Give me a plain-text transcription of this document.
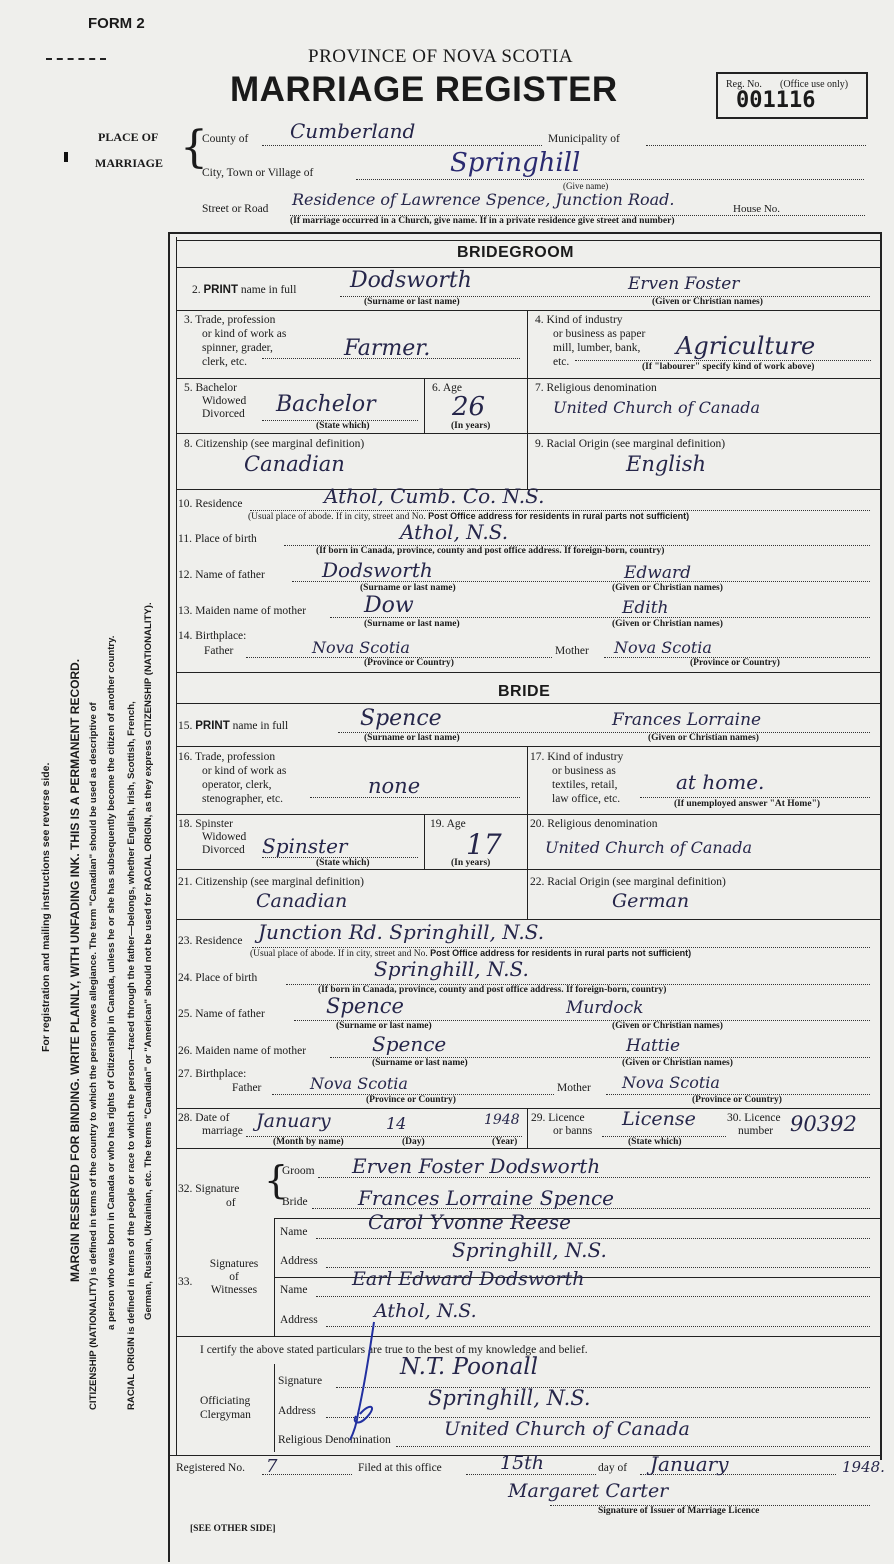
FORM 2
PROVINCE OF NOVA SCOTIA
MARRIAGE REGISTER	Reg. No. (Office use only)
001116
PLACE OF
MARRIAGE {
County of Cumberland	Municipality of
City, Town or Village of	Springhill
(Give name)
Street or Road Residence of Lawrence Spence, Junction Road.	House No.
(If marriage occurred in a Church, give name. If in a private residence give street and number)
For registration and mailing instructions see reverse side. MARGIN RESERVED FOR BINDING. WRITE PLAINLY, WITH UNFADING INK. THIS IS A PERMANENT RECORD. CITIZENSHIP (NATIONALITY) is defined in terms of the country to which the person owes allegiance. The term "Canadian" should be used as descriptive of a person who was born in Canada or who has rights of Citizenship in Canada, unless he or she has subsequently become the citizen of another country. RACIAL ORIGIN is defined in terms of the people or race to which the person—traced through the father—belongs, whether English, Irish, Scottish, French, German, Russian, Ukrainian, etc. The terms "Canadian" or "American" should not be used for RACIAL ORIGIN, as they express CITIZENSHIP (NATIONALITY).
BRIDEGROOM
2. PRINT name in full Dodsworth	Erven Foster
(Surname or last name)	(Given or Christian names)
3. Trade, profession
or kind of work as
spinner, grader,
clerk, etc.
Farmer.
4. Kind of industry
or business as paper
mill, lumber, bank,
etc.
Agriculture
(If "labourer" specify kind of work above)
5. Bachelor
Widowed
Divorced Bachelor
(State which)
6. Age
26
(In years)
7. Religious denomination
United Church of Canada
8. Citizenship (see marginal definition)
Canadian
9. Racial Origin (see marginal definition)
English
10. Residence	Athol, Cumb. Co. N.S.
(Usual place of abode. If in city, street and No. Post Office address for residents in rural parts not sufficient)
11. Place of birth	Athol, N.S.
(If born in Canada, province, county and post office address. If foreign-born, country)
12. Name of father	Dodsworth	Edward
(Surname or last name)	(Given or Christian names)
13. Maiden name of mother	Dow	Edith
(Surname or last name)	(Given or Christian names)
14. Birthplace:
Father	Nova Scotia	Mother Nova Scotia
(Province or Country)	(Province or Country)
BRIDE
15. PRINT name in full	Spence	Frances Lorraine
(Surname or last name)	(Given or Christian names)
16. Trade, profession
or kind of work as
operator, clerk,
stenographer, etc.
none
17. Kind of industry
or business as
textiles, retail,
law office, etc.
at home.
(If unemployed answer "At Home")
18. Spinster
Widowed
Divorced Spinster
(State which)
19. Age
17
(In years)
20. Religious denomination
United Church of Canada
21. Citizenship (see marginal definition)
Canadian
22. Racial Origin (see marginal definition)
German
23. Residence Junction Rd. Springhill, N.S.
(Usual place of abode. If in city, street and No. Post Office address for residents in rural parts not sufficient)
24. Place of birth	Springhill, N.S.
(If born in Canada, province, county and post office address. If foreign-born, country)
25. Name of father	Spence	Murdock
(Surname or last name)	(Given or Christian names)
26. Maiden name of mother	Spence	Hattie
(Surname or last name)	(Given or Christian names)
27. Birthplace:
Father	Nova Scotia	Mother Nova Scotia
(Province or Country)	(Province or Country)
28. Date of
marriage January	14	1948
(Month by name)	(Day)	(Year)
29. Licence
or banns
License
(State which)
30. Licence
number 90392
32. Signature
of
{
Groom Erven Foster Dodsworth
Bride	Frances Lorraine Spence
33.
Signatures
of
Witnesses
Name	Carol Yvonne Reese
Address	Springhill, N.S.
Name Earl Edward Dodsworth
Address	Athol, N.S.
I certify the above stated particulars are true to the best of my knowledge and belief.
Officiating
Clergyman
Signature
N.T. Poonall
Address
Springhill, N.S.
Religious Denomination	United Church of Canada
Registered No. 7	Filed at this office	15th	day of January	1948.
Margaret Carter
Signature of Issuer of Marriage Licence
[SEE OTHER SIDE]
